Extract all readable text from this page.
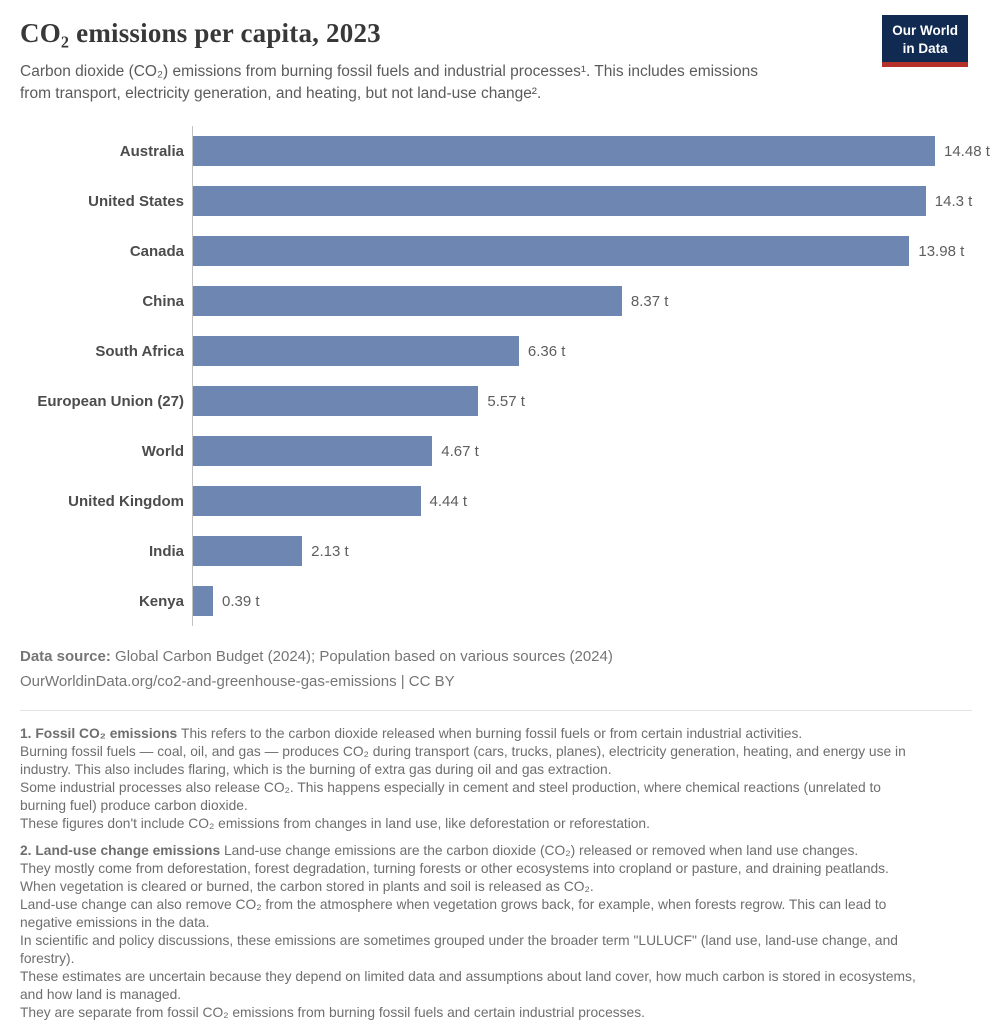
CO₂ emissions per capita, 2023
Carbon dioxide (CO₂) emissions from burning fossil fuels and industrial processes¹. This includes emissions
from transport, electricity generation, and heating, but not land-use change².
Our World
in Data
Australia	14.48 t
United States	14.3 t
Canada	13.98 t
China	8.37 t
South Africa	6.36 t
European Union (27)	5.57 t
World	4.67 t
United Kingdom	4.44 t
India	2.13 t
Kenya	0.39 t
Data source: Global Carbon Budget (2024); Population based on various sources (2024)
OurWorldinData.org/co2-and-greenhouse-gas-emissions | CC BY
1. Fossil CO₂ emissions This refers to the carbon dioxide released when burning fossil fuels or from certain industrial activities.
Burning fossil fuels — coal, oil, and gas — produces CO₂ during transport (cars, trucks, planes), electricity generation, heating, and energy use in
industry. This also includes flaring, which is the burning of extra gas during oil and gas extraction.
Some industrial processes also release CO₂. This happens especially in cement and steel production, where chemical reactions (unrelated to
burning fuel) produce carbon dioxide.
These figures don't include CO₂ emissions from changes in land use, like deforestation or reforestation.
2. Land-use change emissions Land-use change emissions are the carbon dioxide (CO₂) released or removed when land use changes.
They mostly come from deforestation, forest degradation, turning forests or other ecosystems into cropland or pasture, and draining peatlands.
When vegetation is cleared or burned, the carbon stored in plants and soil is released as CO₂.
Land-use change can also remove CO₂ from the atmosphere when vegetation grows back, for example, when forests regrow. This can lead to
negative emissions in the data.
In scientific and policy discussions, these emissions are sometimes grouped under the broader term "LULUCF" (land use, land-use change, and
forestry).
These estimates are uncertain because they depend on limited data and assumptions about land cover, how much carbon is stored in ecosystems,
and how land is managed.
They are separate from fossil CO₂ emissions from burning fossil fuels and certain industrial processes.
